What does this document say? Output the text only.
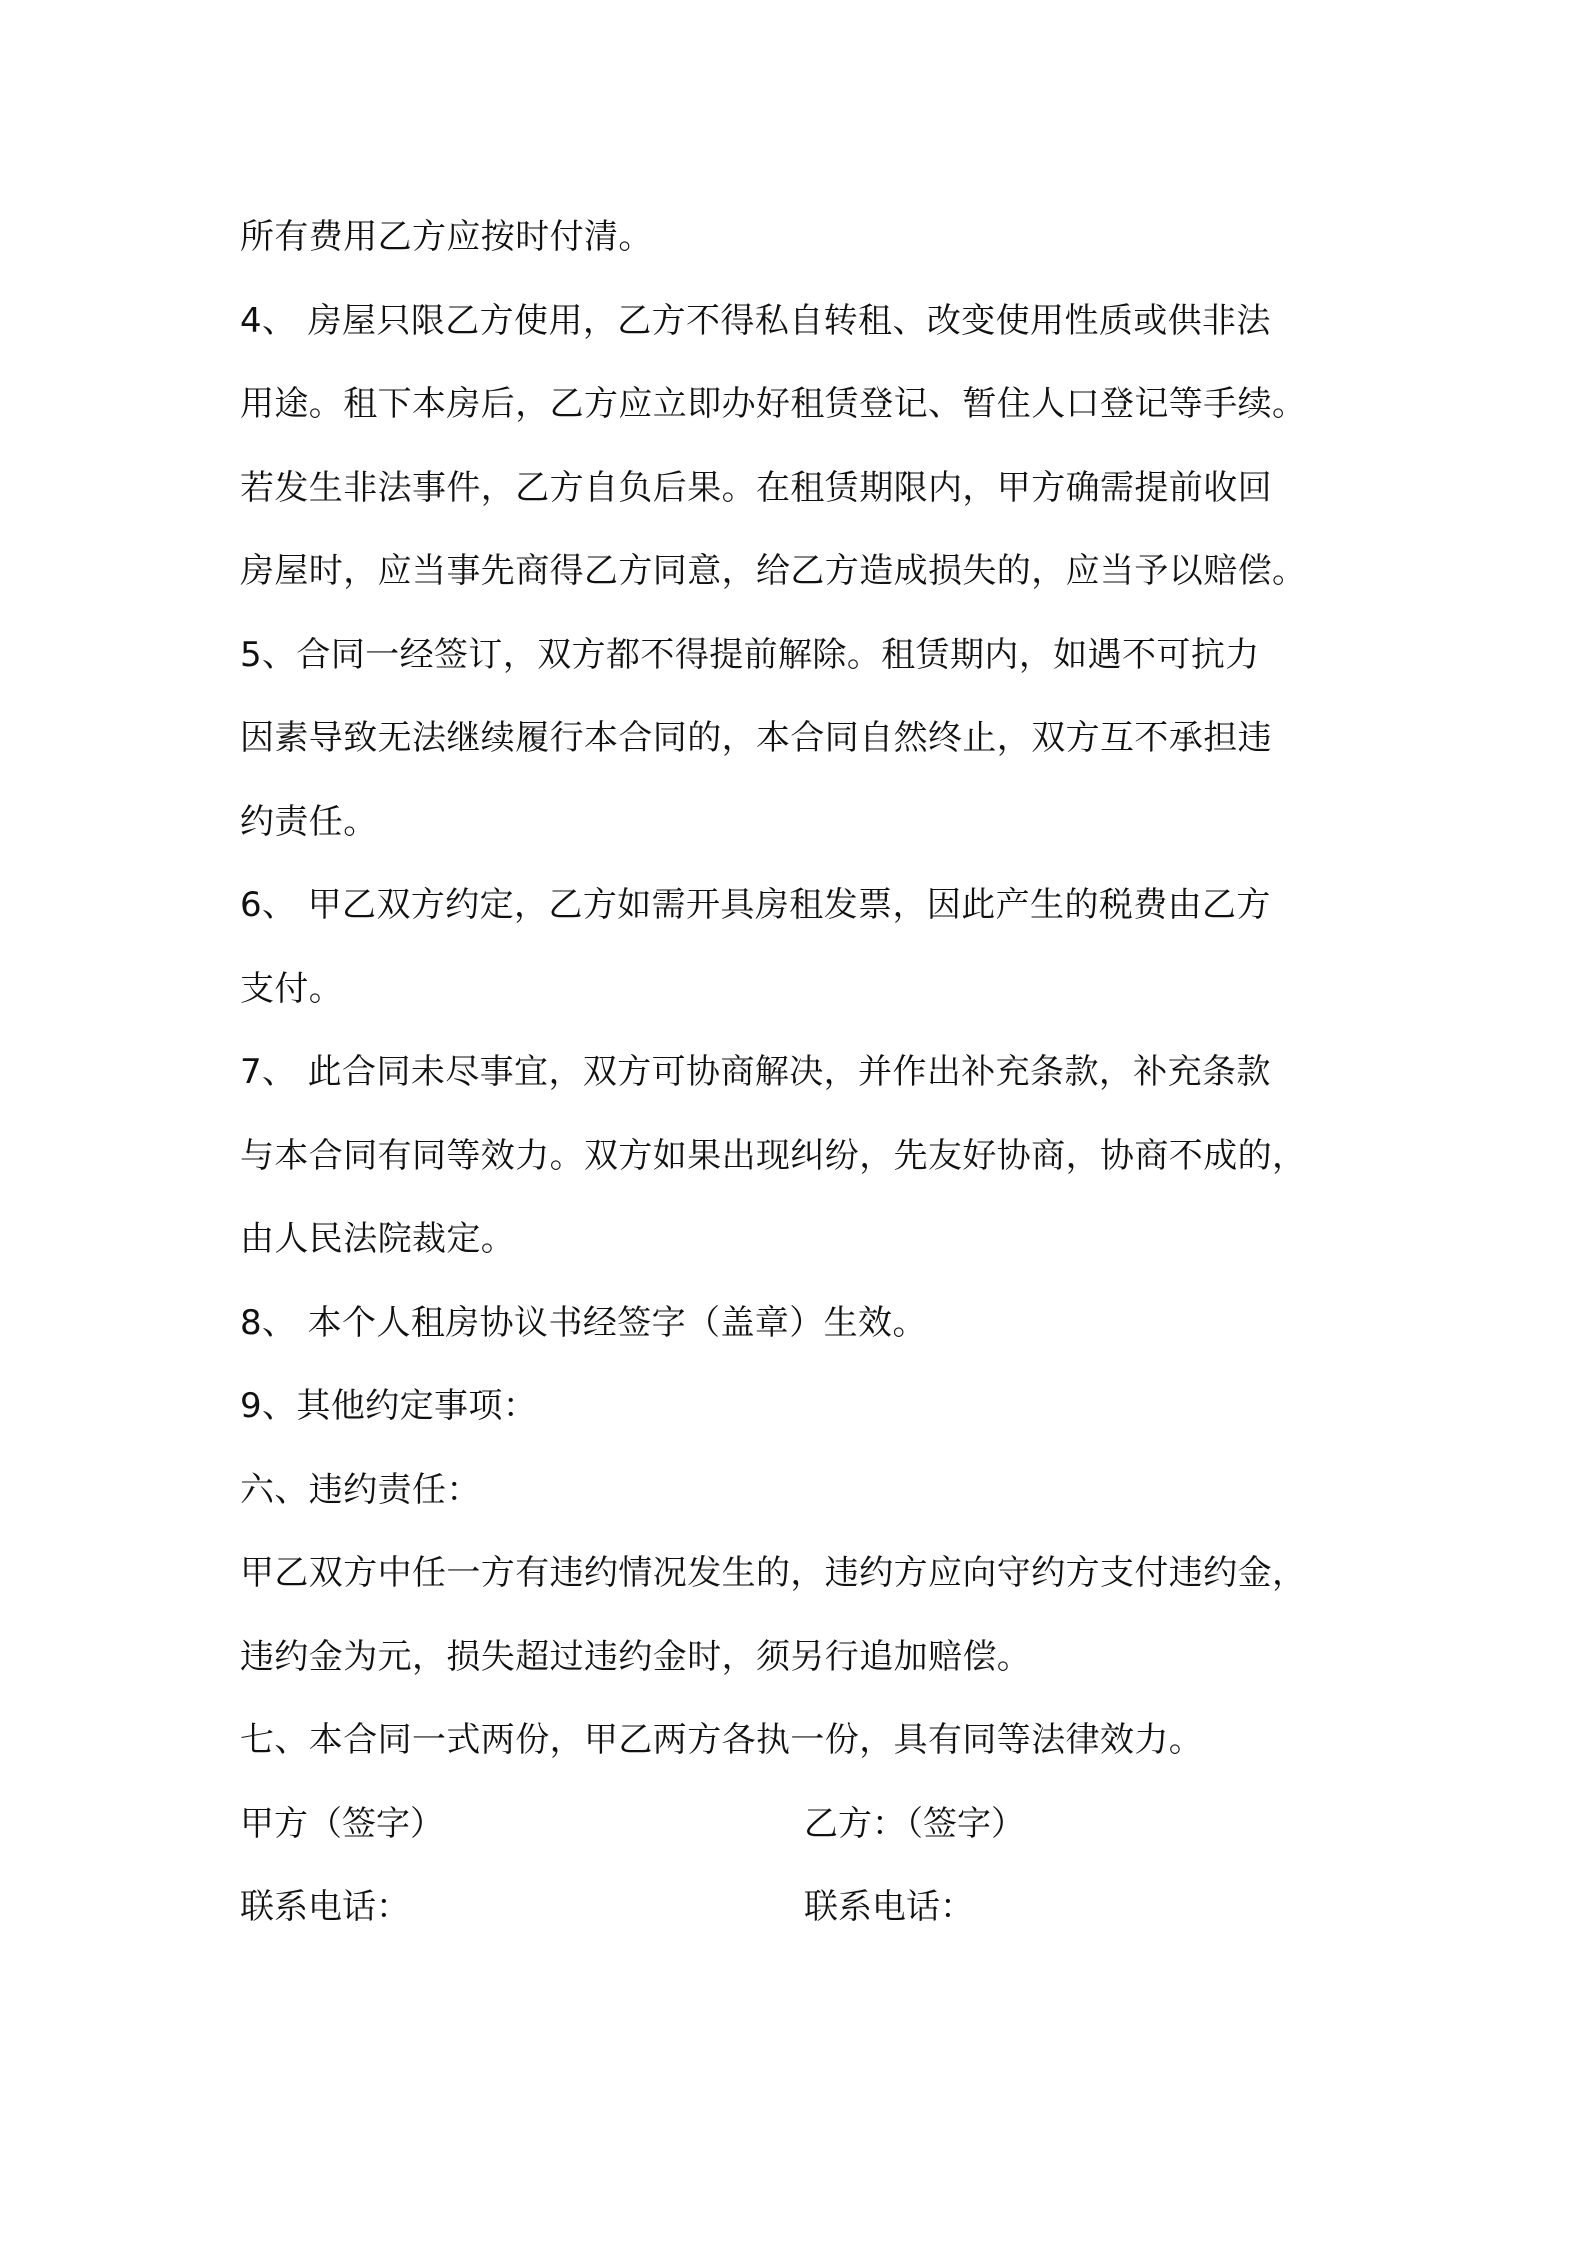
所有费用乙方应按时付清。
4、 房屋只限乙方使用，乙方不得私自转租、改变使用性质或供非法
用途。租下本房后，乙方应立即办好租赁登记、暂住人口登记等手续。
若发生非法事件，乙方自负后果。在租赁期限内，甲方确需提前收回
房屋时，应当事先商得乙方同意，给乙方造成损失的，应当予以赔偿。
5、合同一经签订，双方都不得提前解除。租赁期内，如遇不可抗力
因素导致无法继续履行本合同的，本合同自然终止，双方互不承担违
约责任。
6、 甲乙双方约定，乙方如需开具房租发票，因此产生的税费由乙方
支付。
7、 此合同未尽事宜，双方可协商解决，并作出补充条款，补充条款
与本合同有同等效力。双方如果出现纠纷，先友好协商，协商不成的，
由人民法院裁定。
8、 本个人租房协议书经签字（盖章）生效。
9、其他约定事项：
六、违约责任：
甲乙双方中任一方有违约情况发生的，违约方应向守约方支付违约金，
违约金为元，损失超过违约金时，须另行追加赔偿。
七、本合同一式两份，甲乙两方各执一份，具有同等法律效力。
甲方（签字）	乙方：（签字）
联系电话：	联系电话：
